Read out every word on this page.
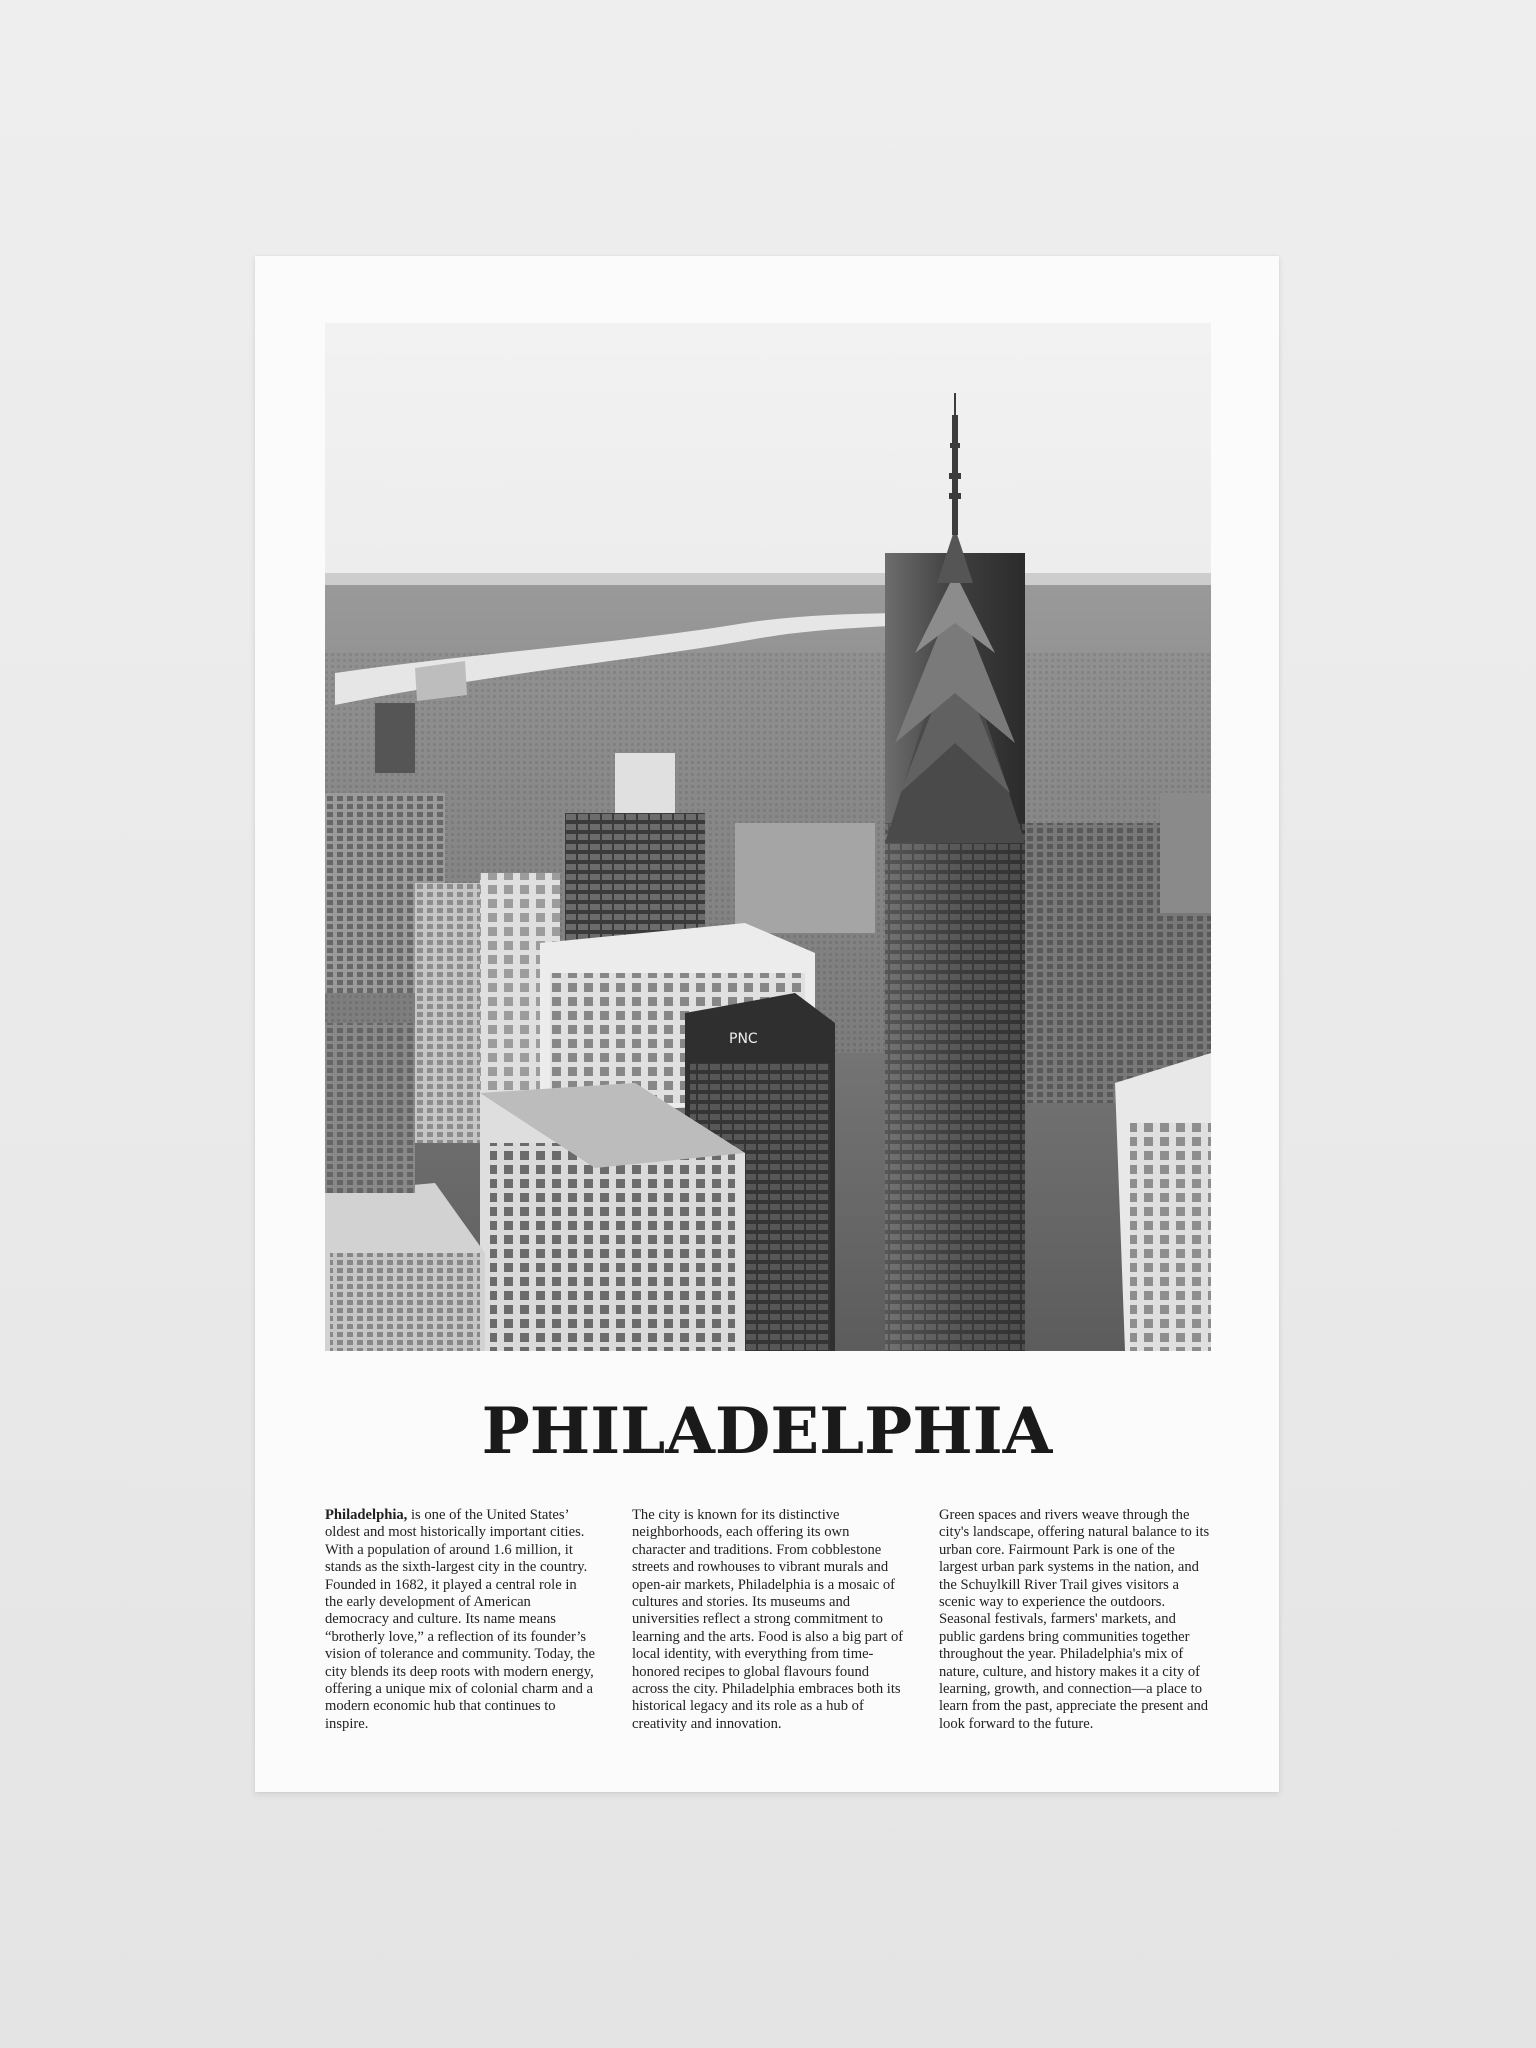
PNC
PHILADELPHIA
Philadelphia, is one of the United States’ oldest and most historically important cities. With a population of around 1.6 million, it stands as the sixth-largest city in the country. Founded in 1682, it played a central role in the early development of American democracy and culture. Its name means “brotherly love,” a reflection of its founder’s vision of tolerance and community. Today, the city blends its deep roots with modern energy, offering a unique mix of colonial charm and a modern economic hub that continues to inspire.
The city is known for its distinctive neighborhoods, each offering its own character and traditions. From cobblestone streets and rowhouses to vibrant murals and open-air markets, Philadelphia is a mosaic of cultures and stories. Its museums and universities reflect a strong commitment to learning and the arts. Food is also a big part of local identity, with everything from time-honored recipes to global flavours found across the city. Philadelphia embraces both its historical legacy and its role as a hub of creativity and innovation.
Green spaces and rivers weave through the city's landscape, offering natural balance to its urban core. Fairmount Park is one of the largest urban park systems in the nation, and the Schuylkill River Trail gives visitors a scenic way to experience the outdoors. Seasonal festivals, farmers' markets, and public gardens bring communities together throughout the year. Philadelphia's mix of nature, culture, and history makes it a city of learning, growth, and connection—a place to learn from the past, appreciate the present and look forward to the future.
